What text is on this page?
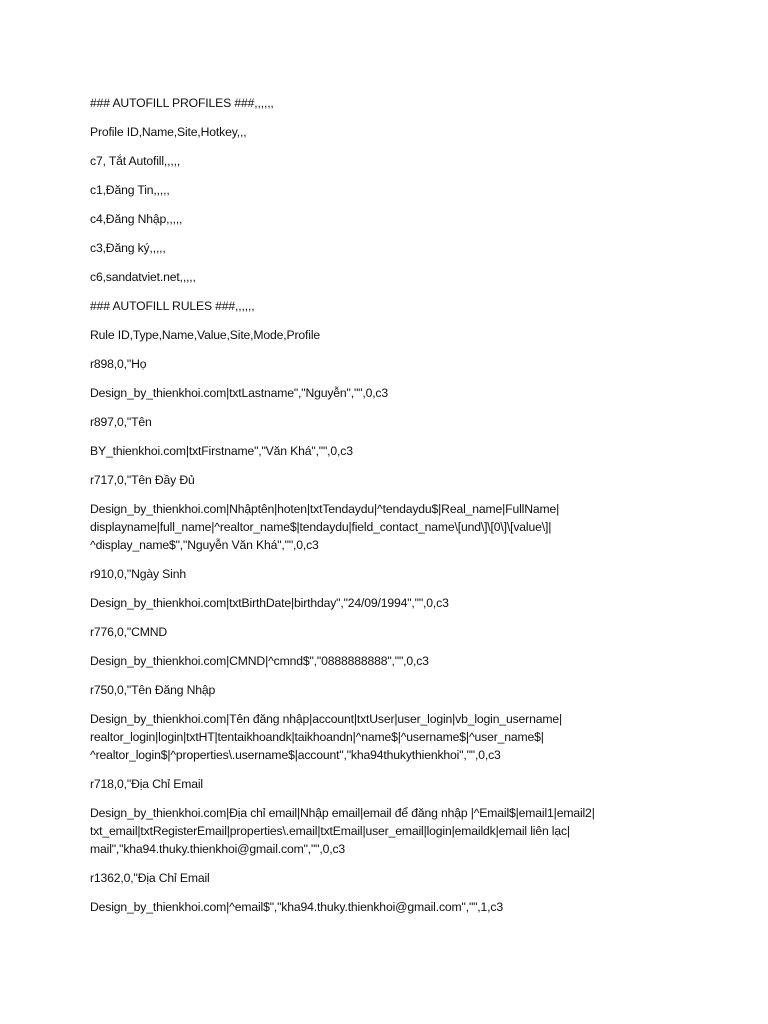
### AUTOFILL PROFILES ###,,,,,,
Profile ID,Name,Site,Hotkey,,,
c7, Tắt Autofill,,,,,
c1,Đăng Tin,,,,,
c4,Đăng Nhập,,,,,
c3,Đăng ký,,,,,
c6,sandatviet.net,,,,,
### AUTOFILL RULES ###,,,,,,
Rule ID,Type,Name,Value,Site,Mode,Profile
r898,0,"Họ
Design_by_thienkhoi.com|txtLastname","Nguyễn","",0,c3
r897,0,"Tên
BY_thienkhoi.com|txtFirstname","Văn Khá","",0,c3
r717,0,"Tên Đầy Đủ
Design_by_thienkhoi.com|Nhậptên|hoten|txtTendaydu|^tendaydu$|Real_name|FullName|
displayname|full_name|^realtor_name$|tendaydu|field_contact_name\[und\]\[0\]\[value\]|
^display_name$","Nguyễn Văn Khá","",0,c3
r910,0,"Ngày Sinh
Design_by_thienkhoi.com|txtBirthDate|birthday","24/09/1994","",0,c3
r776,0,"CMND
Design_by_thienkhoi.com|CMND|^cmnd$","0888888888","",0,c3
r750,0,"Tên Đăng Nhập
Design_by_thienkhoi.com|Tên đăng nhập|account|txtUser|user_login|vb_login_username|
realtor_login|login|txtHT|tentaikhoandk|taikhoandn|^name$|^username$|^user_name$|
^realtor_login$|^properties\.username$|account","kha94thukythienkhoi","",0,c3
r718,0,"Địa Chỉ Email
Design_by_thienkhoi.com|Địa chỉ email|Nhập email|email để đăng nhập |^Email$|email1|email2|
txt_email|txtRegisterEmail|properties\.email|txtEmail|user_email|login|emaildk|email liên lạc|
mail","kha94.thuky.thienkhoi@gmail.com","",0,c3
r1362,0,"Địa Chỉ Email
Design_by_thienkhoi.com|^email$","kha94.thuky.thienkhoi@gmail.com","",1,c3
